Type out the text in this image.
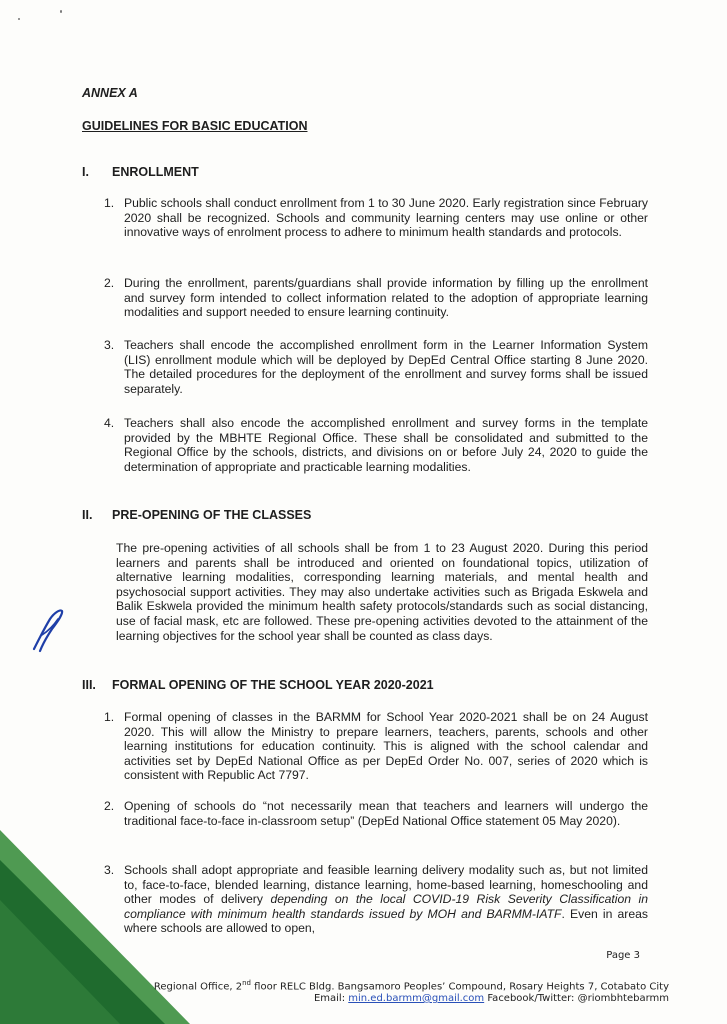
ANNEX A
GUIDELINES FOR BASIC EDUCATION
I.	ENROLLMENT
1. Public schools shall conduct enrollment from 1 to 30 June 2020. Early registration since February 2020 shall be recognized. Schools and community learning centers may use online or other innovative ways of enrolment process to adhere to minimum health standards and protocols.
2. During the enrollment, parents/guardians shall provide information by filling up the enrollment and survey form intended to collect information related to the adoption of appropriate learning modalities and support needed to ensure learning continuity.
3. Teachers shall encode the accomplished enrollment form in the Learner Information System (LIS) enrollment module which will be deployed by DepEd Central Office starting 8 June 2020. The detailed procedures for the deployment of the enrollment and survey forms shall be issued separately.
4. Teachers shall also encode the accomplished enrollment and survey forms in the template provided by the MBHTE Regional Office. These shall be consolidated and submitted to the Regional Office by the schools, districts, and divisions on or before July 24, 2020 to guide the determination of appropriate and practicable learning modalities.
II.	PRE-OPENING OF THE CLASSES
The pre-opening activities of all schools shall be from 1 to 23 August 2020. During this period learners and parents shall be introduced and oriented on foundational topics, utilization of alternative learning modalities, corresponding learning materials, and mental health and psychosocial support activities. They may also undertake activities such as Brigada Eskwela and Balik Eskwela provided the minimum health safety protocols/standards such as social distancing, use of facial mask, etc are followed. These pre-opening activities devoted to the attainment of the learning objectives for the school year shall be counted as class days.
III.	FORMAL OPENING OF THE SCHOOL YEAR 2020-2021
1. Formal opening of classes in the BARMM for School Year 2020-2021 shall be on 24 August 2020. This will allow the Ministry to prepare learners, teachers, parents, schools and other learning institutions for education continuity. This is aligned with the school calendar and activities set by DepEd National Office as per DepEd Order No. 007, series of 2020 which is consistent with Republic Act 7797.
2. Opening of schools do “not necessarily mean that teachers and learners will undergo the traditional face-to-face in-classroom setup” (DepEd National Office statement 05 May 2020).
3. Schools shall adopt appropriate and feasible learning delivery modality such as, but not limited to, face-to-face, blended learning, distance learning, home-based learning, homeschooling and other modes of delivery depending on the local COVID-19 Risk Severity Classification in compliance with minimum health standards issued by MOH and BARMM-IATF. Even in areas where schools are allowed to open,
Page 3
Regional Office, 2nd floor RELC Bldg. Bangsamoro Peoples’ Compound, Rosary Heights 7, Cotabato City
Email: min.ed.barmm@gmail.com Facebook/Twitter: @riombhtebarmm
